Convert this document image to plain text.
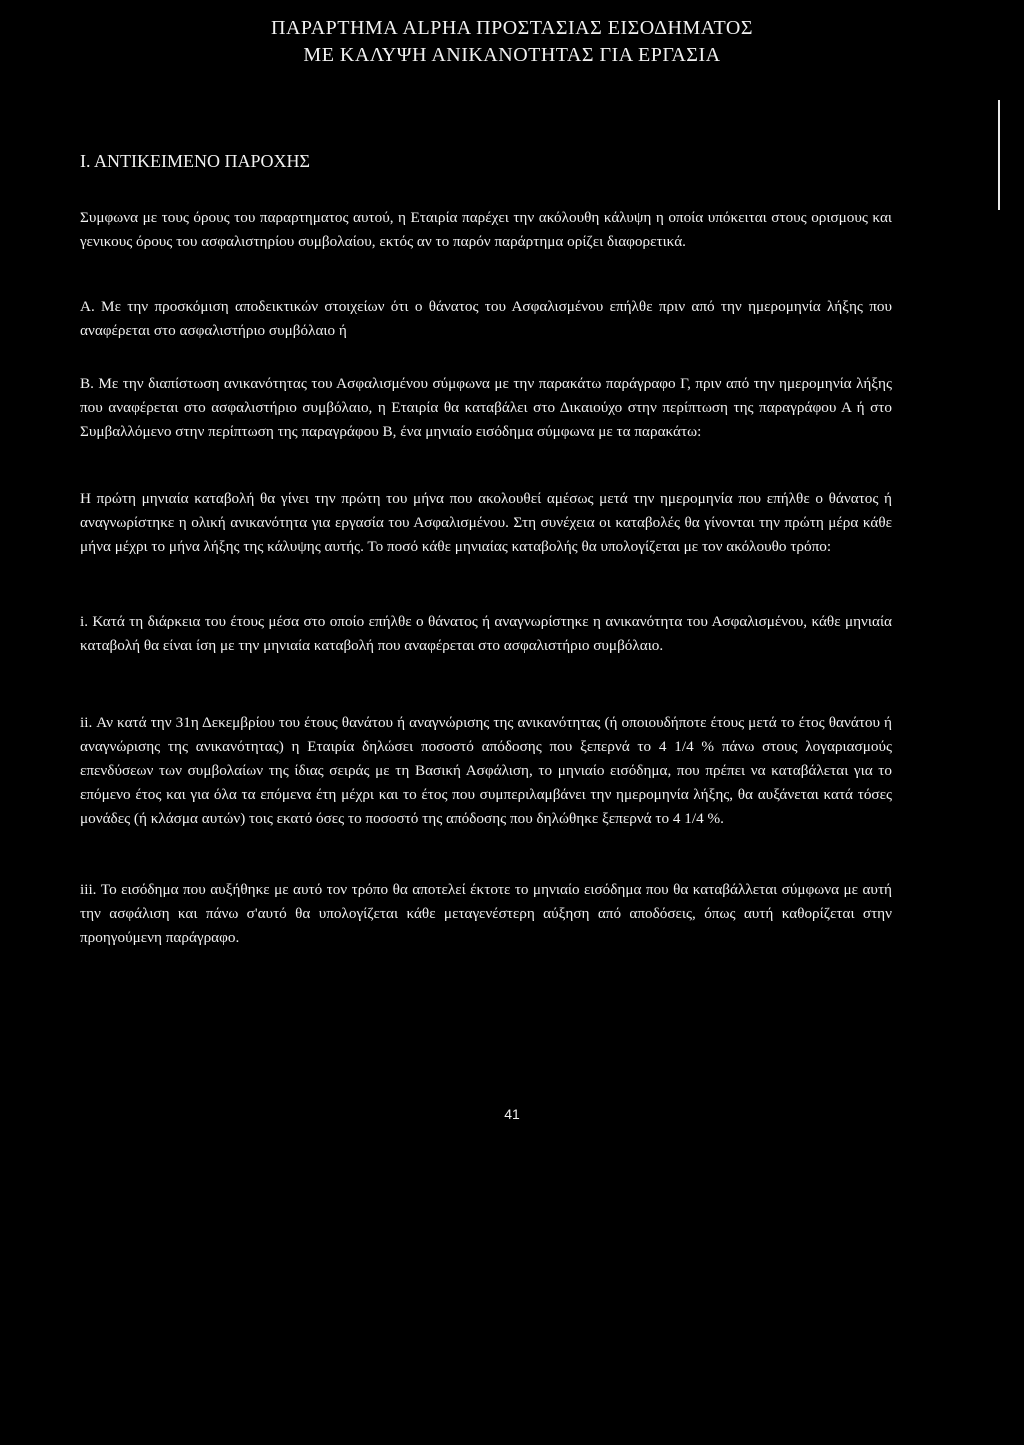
ΠΑΡΑΡΤΗΜΑ ALPHA ΠΡΟΣΤΑΣΙΑΣ ΕΙΣΟΔΗΜΑΤΟΣ
ΜΕ ΚΑΛΥΨΗ ΑΝΙΚΑΝΟΤΗΤΑΣ ΓΙΑ ΕΡΓΑΣΙΑ
Ι. ΑΝΤΙΚΕΙΜΕΝΟ ΠΑΡΟΧΗΣ

Συμφωνα με τους όρους του παραρτηματος αυτού, η Εταιρία παρέχει την ακόλουθη κάλυψη η οποία υπόκειται στους ορισμους και γενικους όρους του ασφαλιστηρίου συμβολαίου, εκτός αν το παρόν παράρτημα ορίζει διαφορετικά.

Α. Με την προσκόμιση αποδεικτικών στοιχείων ότι ο θάνατος του Ασφαλισμένου επήλθε πριν από την ημερομηνία λήξης που αναφέρεται στο ασφαλιστήριο συμβόλαιο ή

Β. Με την διαπίστωση ανικανότητας του Ασφαλισμένου σύμφωνα με την παρακάτω παράγραφο Γ, πριν από την ημερομηνία λήξης που αναφέρεται στο ασφαλιστήριο συμβόλαιο, η Εταιρία θα καταβάλει στο Δικαιούχο στην περίπτωση της παραγράφου Α ή στο Συμβαλλόμενο στην περίπτωση της παραγράφου Β, ένα μηνιαίο εισόδημα σύμφωνα με τα παρακάτω:

Η πρώτη μηνιαία καταβολή θα γίνει την πρώτη του μήνα που ακολουθεί αμέσως μετά την ημερομηνία που επήλθε ο θάνατος ή αναγνωρίστηκε η ολική ανικανότητα για εργασία του Ασφαλισμένου. Στη συνέχεια οι καταβολές θα γίνονται την πρώτη μέρα κάθε μήνα μέχρι το μήνα λήξης της κάλυψης αυτής. Το ποσό κάθε μηνιαίας καταβολής θα υπολογίζεται με τον ακόλουθο τρόπο:

i. Κατά τη διάρκεια του έτους μέσα στο οποίο επήλθε ο θάνατος ή αναγνωρίστηκε η ανικανότητα του Ασφαλισμένου, κάθε μηνιαία καταβολή θα είναι ίση με την μηνιαία καταβολή που αναφέρεται στο ασφαλιστήριο συμβόλαιο.

ii. Αν κατά την 31η Δεκεμβρίου του έτους θανάτου ή αναγνώρισης της ανικανότητας (ή οποιουδήποτε έτους μετά το έτος θανάτου ή αναγνώρισης της ανικανότητας) η Εταιρία δηλώσει ποσοστό απόδοσης που ξεπερνά το 4 1/4 % πάνω στους λογαριασμούς επενδύσεων των συμβολαίων της ίδιας σειράς με τη Βασική Ασφάλιση, το μηνιαίο εισόδημα, που πρέπει να καταβάλεται για το επόμενο έτος και για όλα τα επόμενα έτη μέχρι και το έτος που συμπεριλαμβάνει την ημερομηνία λήξης, θα αυξάνεται κατά τόσες μονάδες (ή κλάσμα αυτών) τοις εκατό όσες το ποσοστό της απόδοσης που δηλώθηκε ξεπερνά το 4 1/4 %.

iii. Το εισόδημα που αυξήθηκε με αυτό τον τρόπο θα αποτελεί έκτοτε το μηνιαίο εισόδημα που θα καταβάλλεται σύμφωνα με αυτή την ασφάλιση και πάνω σ'αυτό θα υπολογίζεται κάθε μεταγενέστερη αύξηση από αποδόσεις, όπως αυτή καθορίζεται στην προηγούμενη παράγραφο.

41
